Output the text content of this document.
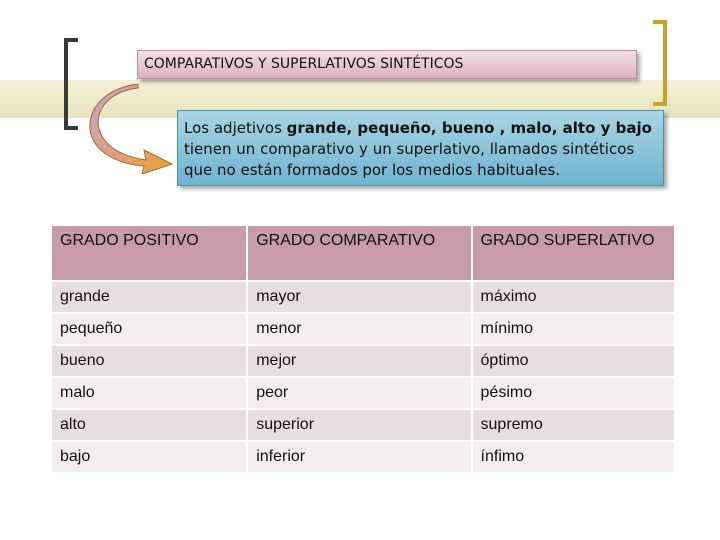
COMPARATIVOS Y SUPERLATIVOS SINTÉTICOS
Los adjetivos grande, pequeño, bueno , malo, alto y bajo tienen un comparativo y un superlativo, llamados sintéticos que no están formados por los medios habituales.
GRADO POSITIVO	GRADO COMPARATIVO	GRADO SUPERLATIVO
grande	mayor	máximo
pequeño	menor	mínimo
bueno	mejor	óptimo
malo	peor	pésimo
alto	superior	supremo
bajo	inferior	ínfimo
